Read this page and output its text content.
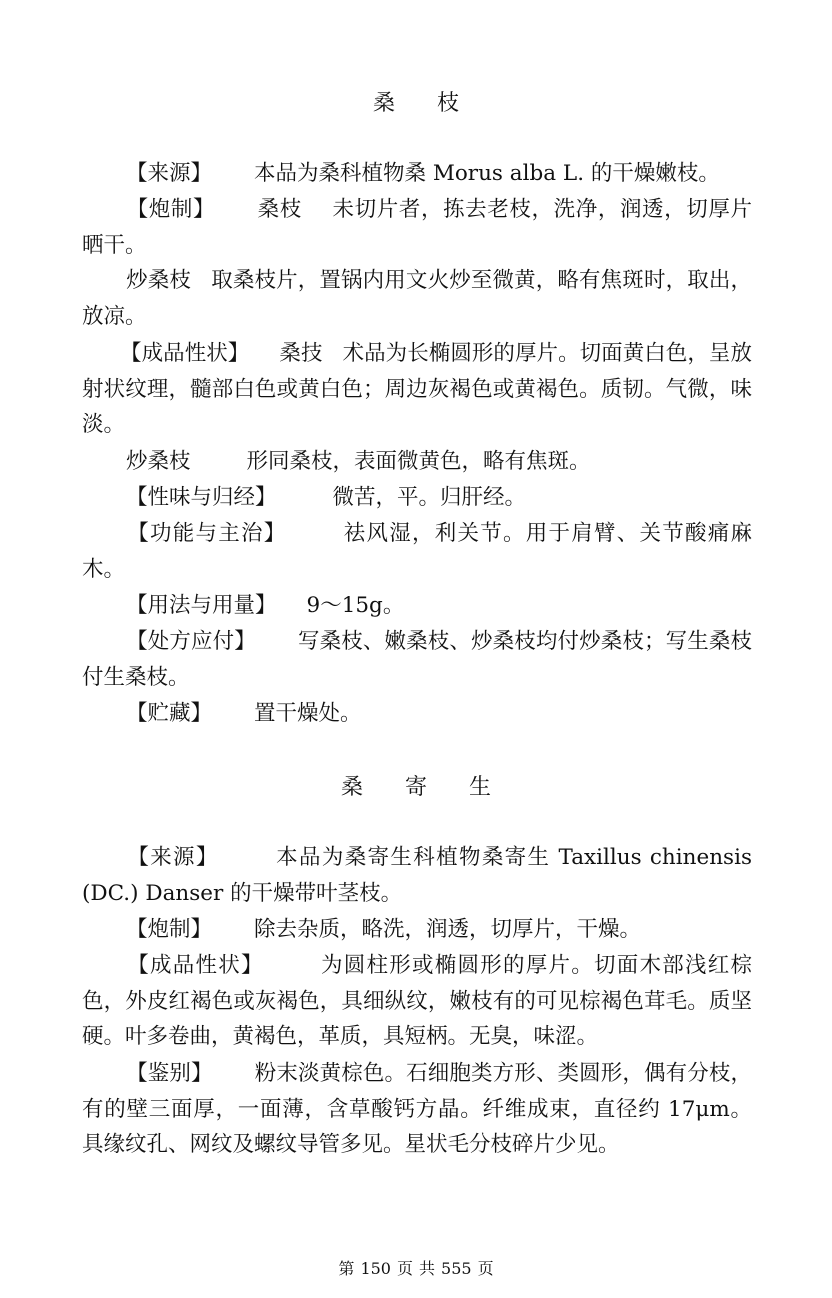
桑 枝
【来源】 本品为桑科植物桑 Morus alba L. 的干燥嫩枝。
【炮制】 桑枝 未切片者，拣去老枝，洗净，润透，切厚片晒干。
炒桑枝 取桑枝片，置锅内用文火炒至微黄，略有焦斑时，取出，放凉。
【成品性状】 桑技 术品为长椭圆形的厚片。切面黄白色，呈放射状纹理，髓部白色或黄白色；周边灰褐色或黄褐色。质韧。气微，味淡。
炒桑枝	形同桑枝，表面微黄色，略有焦斑。
【性味与归经】	微苦，平。归肝经。
【功能与主治】	祛风湿，利关节。用于肩臂、关节酸痛麻木。
【用法与用量】 9～15g。
【处方应付】 写桑枝、嫩桑枝、炒桑枝均付炒桑枝；写生桑枝付生桑枝。
【贮藏】 置干燥处。
桑 寄 生
【来源】	本品为桑寄生科植物桑寄生 Taxillus chinensis (DC.) Danser 的干燥带叶茎枝。
【炮制】 除去杂质，略洗，润透，切厚片，干燥。
【成品性状】	为圆柱形或椭圆形的厚片。切面木部浅红棕色，外皮红褐色或灰褐色，具细纵纹，嫩枝有的可见棕褐色茸毛。质坚硬。叶多卷曲，黄褐色，革质，具短柄。无臭，味涩。
【鉴别】 粉末淡黄棕色。石细胞类方形、类圆形，偶有分枝，有的壁三面厚，一面薄，含草酸钙方晶。纤维成束，直径约 17μm。具缘纹孔、网纹及螺纹导管多见。星状毛分枝碎片少见。
第 150 页 共 555 页
